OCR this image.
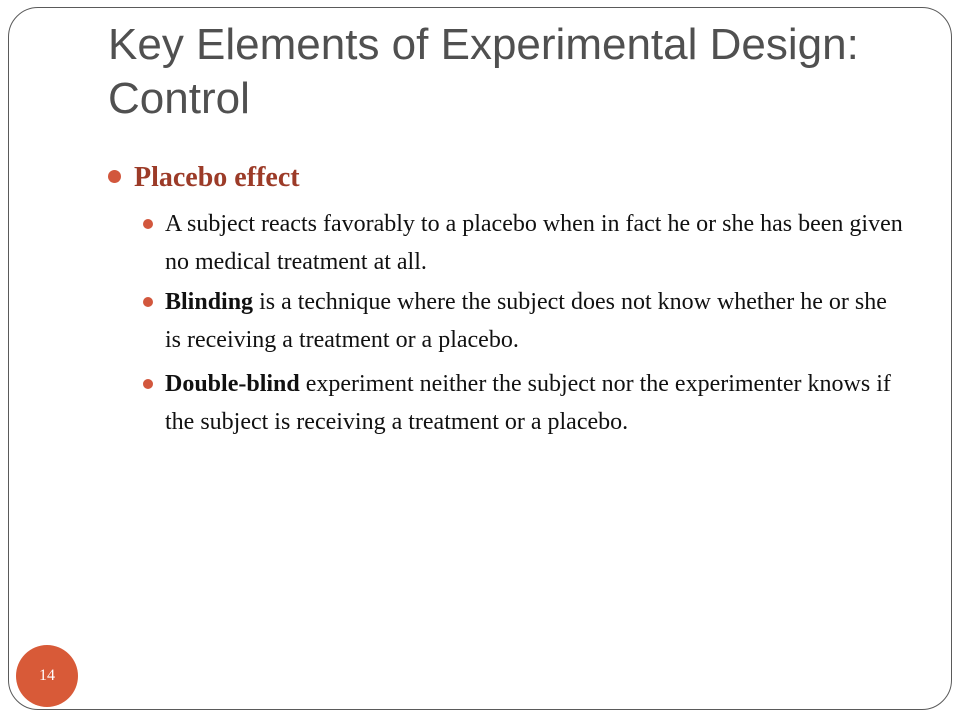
Key Elements of Experimental Design: Control

Placebo effect

A subject reacts favorably to a placebo when in fact he or she has been given no medical treatment at all.

Blinding is a technique where the subject does not know whether he or she is receiving a treatment or a placebo.

Double-blind experiment neither the subject nor the experimenter knows if the subject is receiving a treatment or a placebo.

14
